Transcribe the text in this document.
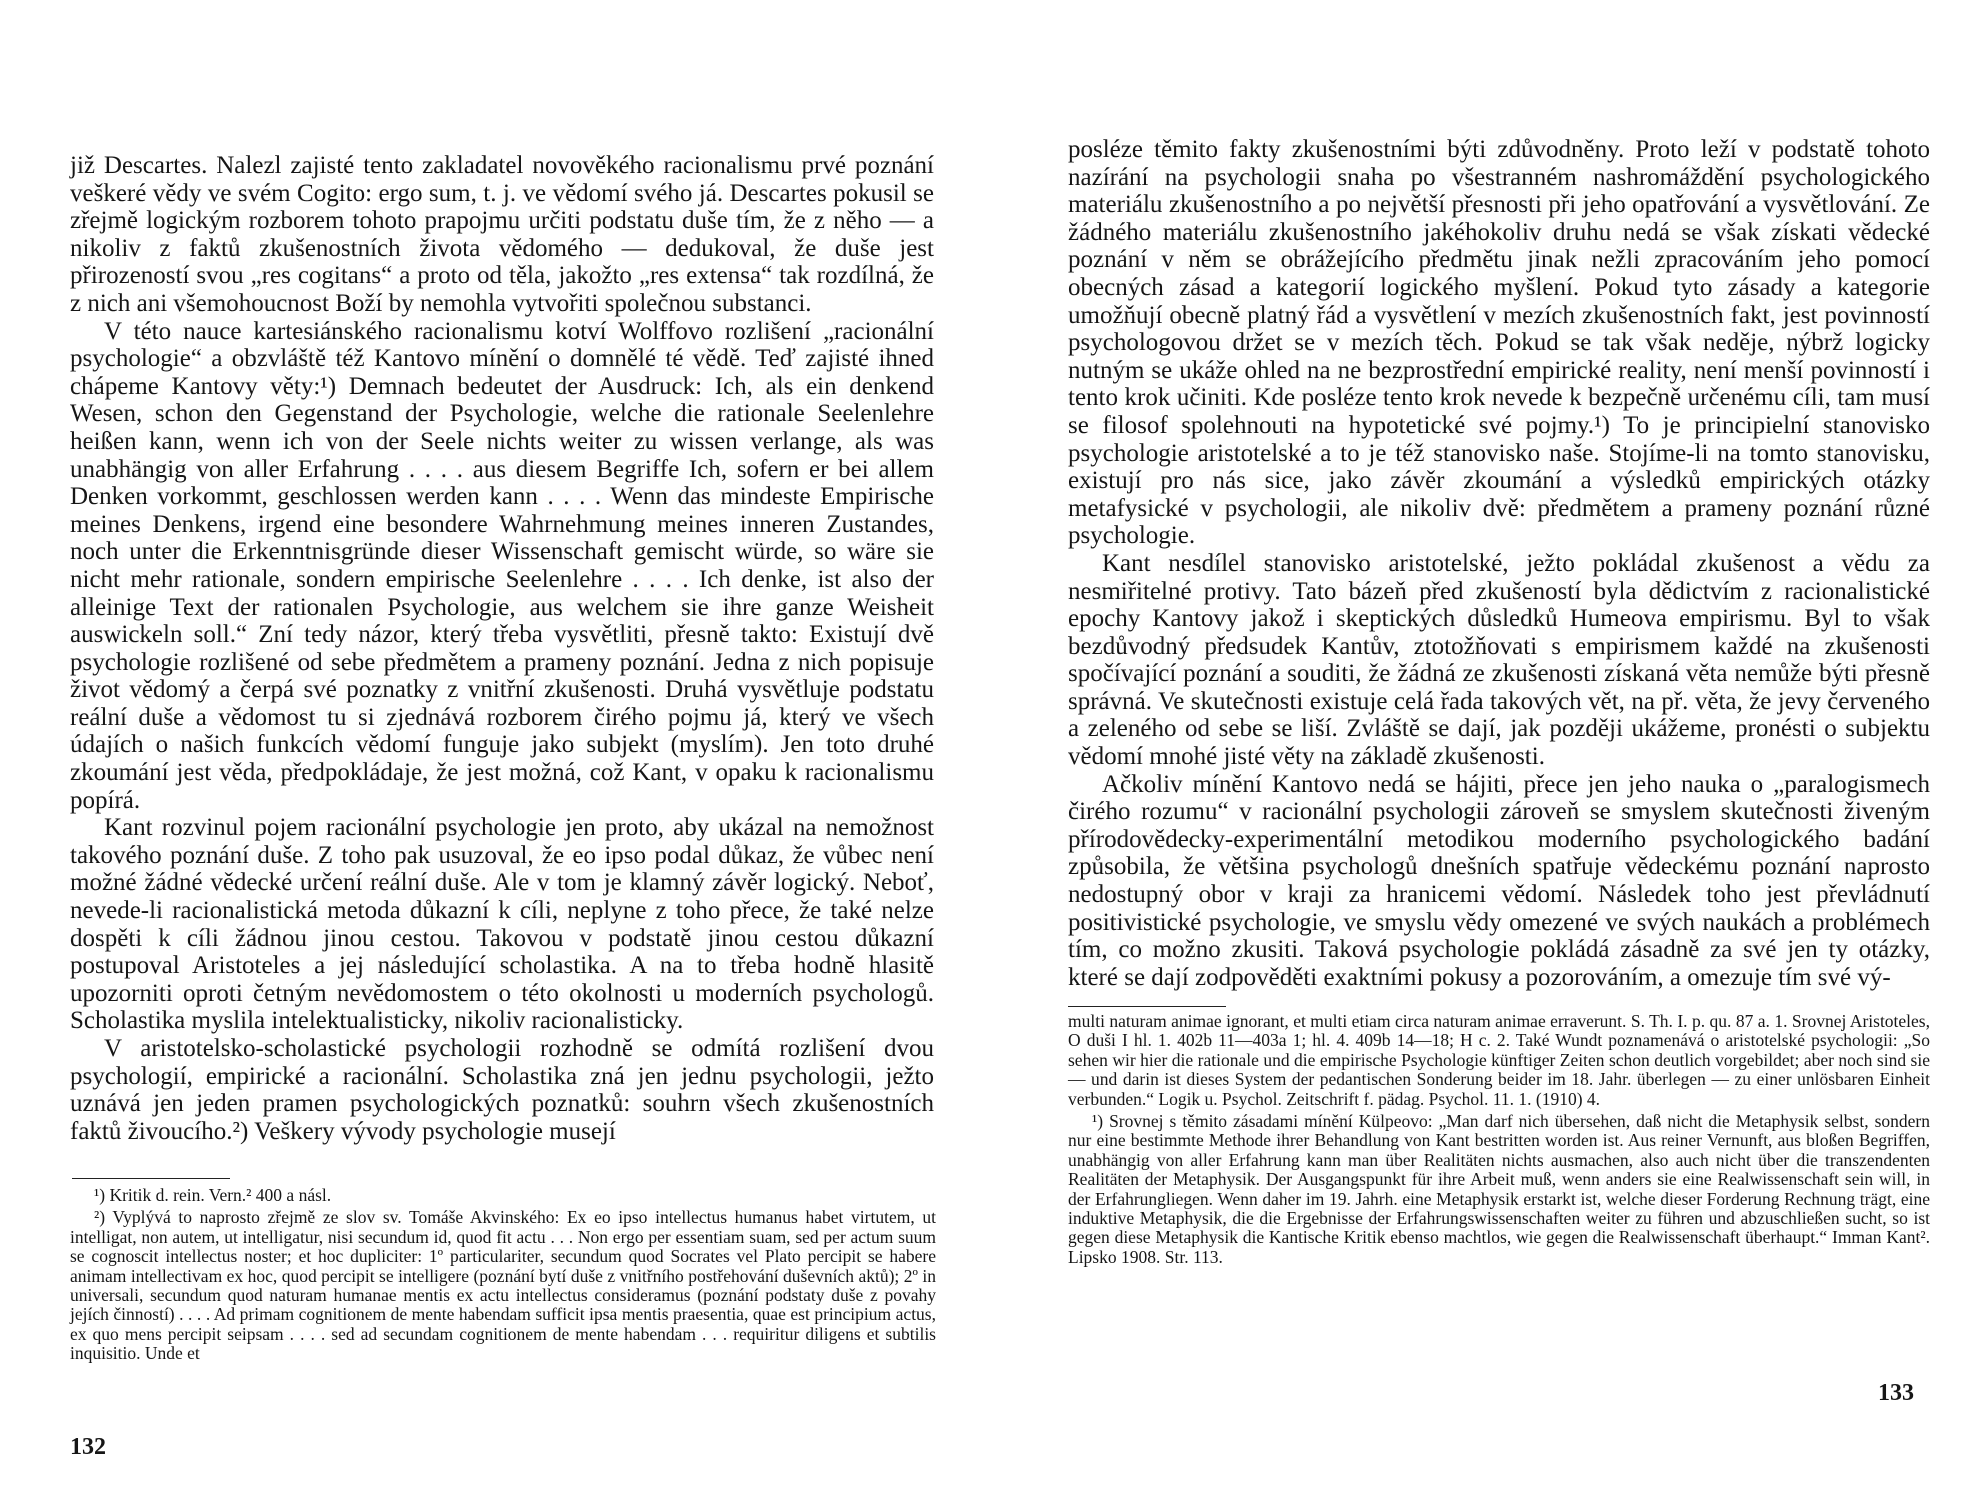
již Descartes. Nalezl zajisté tento zakladatel novověkého racionalismu prvé poznání veškeré vědy ve svém Cogito: ergo sum, t. j. ve vědomí svého já. Descartes pokusil se zřejmě logickým rozborem tohoto prapojmu určiti podstatu duše tím, že z něho — a nikoliv z faktů zkušenostních života vědomého — dedukoval, že duše jest přirozeností svou „res cogitans“ a proto od těla, jakožto „res extensa“ tak rozdílná, že z nich ani všemohoucnost Boží by nemohla vytvořiti společnou substanci.

V této nauce kartesiánského racionalismu kotví Wolffovo rozlišení „racionální psychologie“ a obzvláště též Kantovo mínění o domnělé té vědě. Teď zajisté ihned chápeme Kantovy věty:¹) Demnach bedeutet der Ausdruck: Ich, als ein denkend Wesen, schon den Gegenstand der Psychologie, welche die rationale Seelenlehre heißen kann, wenn ich von der Seele nichts weiter zu wissen verlange, als was unabhängig von aller Erfahrung . . . . aus diesem Begriffe Ich, sofern er bei allem Denken vorkommt, geschlossen werden kann . . . . Wenn das mindeste Empirische meines Denkens, irgend eine besondere Wahrnehmung meines inneren Zustandes, noch unter die Erkenntnisgründe dieser Wissenschaft gemischt würde, so wäre sie nicht mehr rationale, sondern empirische Seelenlehre . . . . Ich denke, ist also der alleinige Text der rationalen Psychologie, aus welchem sie ihre ganze Weisheit auswickeln soll.“ Zní tedy názor, který třeba vysvětliti, přesně takto: Existují dvě psychologie rozlišené od sebe předmětem a prameny poznání. Jedna z nich popisuje život vědomý a čerpá své poznatky z vnitřní zkušenosti. Druhá vysvětluje podstatu reální duše a vědomost tu si zjednává rozborem čirého pojmu já, který ve všech údajích o našich funkcích vědomí funguje jako subjekt (myslím). Jen toto druhé zkoumání jest věda, předpokládaje, že jest možná, což Kant, v opaku k racionalismu popírá.

Kant rozvinul pojem racionální psychologie jen proto, aby ukázal na nemožnost takového poznání duše. Z toho pak usuzoval, že eo ipso podal důkaz, že vůbec není možné žádné vědecké určení reální duše. Ale v tom je klamný závěr logický. Neboť, nevede-li racionalistická metoda důkazní k cíli, neplyne z toho přece, že také nelze dospěti k cíli žádnou jinou cestou. Takovou v podstatě jinou cestou důkazní postupoval Aristoteles a jej následující scholastika. A na to třeba hodně hlasitě upozorniti oproti četným nevědomostem o této okolnosti u moderních psychologů. Scholastika myslila intelektualisticky, nikoliv racionalisticky.

V aristotelsko-scholastické psychologii rozhodně se odmítá rozlišení dvou psychologií, empirické a racionální. Scholastika zná jen jednu psychologii, ježto uznává jen jeden pramen psychologických poznatků: souhrn všech zkušenostních faktů živoucího.²) Veškery vývody psychologie musejí

¹) Kritik d. rein. Vern.² 400 a násl.

²) Vyplývá to naprosto zřejmě ze slov sv. Tomáše Akvinského: Ex eo ipso intellectus humanus habet virtutem, ut intelligat, non autem, ut intelligatur, nisi secundum id, quod fit actu . . . Non ergo per essentiam suam, sed per actum suum se cognoscit intellectus noster; et hoc dupliciter: 1º particulariter, secundum quod Socrates vel Plato percipit se habere animam intellectivam ex hoc, quod percipit se intelligere (poznání bytí duše z vnitřního postřehování duševních aktů); 2º in universali, secundum quod naturam humanae mentis ex actu intellectus consideramus (poznání podstaty duše z povahy jejích činností) . . . . Ad primam cognitionem de mente habendam sufficit ipsa mentis praesentia, quae est principium actus, ex quo mens percipit seipsam . . . . sed ad secundam cognitionem de mente habendam . . . requiritur diligens et subtilis inquisitio. Unde et

132

posléze těmito fakty zkušenostními býti zdůvodněny. Proto leží v podstatě tohoto nazírání na psychologii snaha po všestranném nashromáždění psychologického materiálu zkušenostního a po největší přesnosti při jeho opatřování a vysvětlování. Ze žádného materiálu zkušenostního jakéhokoliv druhu nedá se však získati vědecké poznání v něm se obrážejícího předmětu jinak nežli zpracováním jeho pomocí obecných zásad a kategorií logického myšlení. Pokud tyto zásady a kategorie umožňují obecně platný řád a vysvětlení v mezích zkušenostních fakt, jest povinností psychologovou držet se v mezích těch. Pokud se tak však neděje, nýbrž logicky nutným se ukáže ohled na ne bezprostřední empirické reality, není menší povinností i tento krok učiniti. Kde posléze tento krok nevede k bezpečně určenému cíli, tam musí se filosof spolehnouti na hypotetické své pojmy.¹) To je principielní stanovisko psychologie aristotelské a to je též stanovisko naše. Stojíme-li na tomto stanovisku, existují pro nás sice, jako závěr zkoumání a výsledků empirických otázky metafysické v psychologii, ale nikoliv dvě: předmětem a prameny poznání různé psychologie.

Kant nesdílel stanovisko aristotelské, ježto pokládal zkušenost a vědu za nesmiřitelné protivy. Tato bázeň před zkušeností byla dědictvím z racionalistické epochy Kantovy jakož i skeptických důsledků Humeova empirismu. Byl to však bezdůvodný předsudek Kantův, ztotožňovati s empirismem každé na zkušenosti spočívající poznání a souditi, že žádná ze zkušenosti získaná věta nemůže býti přesně správná. Ve skutečnosti existuje celá řada takových vět, na př. věta, že jevy červeného a zeleného od sebe se liší. Zvláště se dají, jak později ukážeme, pronésti o subjektu vědomí mnohé jisté věty na základě zkušenosti.

Ačkoliv mínění Kantovo nedá se hájiti, přece jen jeho nauka o „paralogismech čirého rozumu“ v racionální psychologii zároveň se smyslem skutečnosti živeným přírodovědecky-experimentální metodikou moderního psychologického badání způsobila, že většina psychologů dnešních spatřuje vědeckému poznání naprosto nedostupný obor v kraji za hranicemi vědomí. Následek toho jest převládnutí positivistické psychologie, ve smyslu vědy omezené ve svých naukách a problémech tím, co možno zkusiti. Taková psychologie pokládá zásadně za své jen ty otázky, které se dají zodpověděti exaktními pokusy a pozorováním, a omezuje tím své vý-

multi naturam animae ignorant, et multi etiam circa naturam animae erraverunt. S. Th. I. p. qu. 87 a. 1. Srovnej Aristoteles, O duši I hl. 1. 402b 11—403a 1; hl. 4. 409b 14—18; H c. 2. Také Wundt poznamenává o aristotelské psychologii: „So sehen wir hier die rationale und die empirische Psychologie künftiger Zeiten schon deutlich vorgebildet; aber noch sind sie — und darin ist dieses System der pedantischen Sonderung beider im 18. Jahr. überlegen — zu einer unlösbaren Einheit verbunden.“ Logik u. Psychol. Zeitschrift f. pädag. Psychol. 11. 1. (1910) 4.

¹) Srovnej s těmito zásadami mínění Külpeovo: „Man darf nich übersehen, daß nicht die Metaphysik selbst, sondern nur eine bestimmte Methode ihrer Behandlung von Kant bestritten worden ist. Aus reiner Vernunft, aus bloßen Begriffen, unabhängig von aller Erfahrung kann man über Realitäten nichts ausmachen, also auch nicht über die transzendenten Realitäten der Metaphysik. Der Ausgangspunkt für ihre Arbeit muß, wenn anders sie eine Realwissenschaft sein will, in der Erfahrungliegen. Wenn daher im 19. Jahrh. eine Metaphysik erstarkt ist, welche dieser Forderung Rechnung trägt, eine induktive Metaphysik, die die Ergebnisse der Erfahrungswissenschaften weiter zu führen und abzuschließen sucht, so ist gegen diese Metaphysik die Kantische Kritik ebenso machtlos, wie gegen die Realwissenschaft überhaupt.“ Imman Kant². Lipsko 1908. Str. 113.

133
